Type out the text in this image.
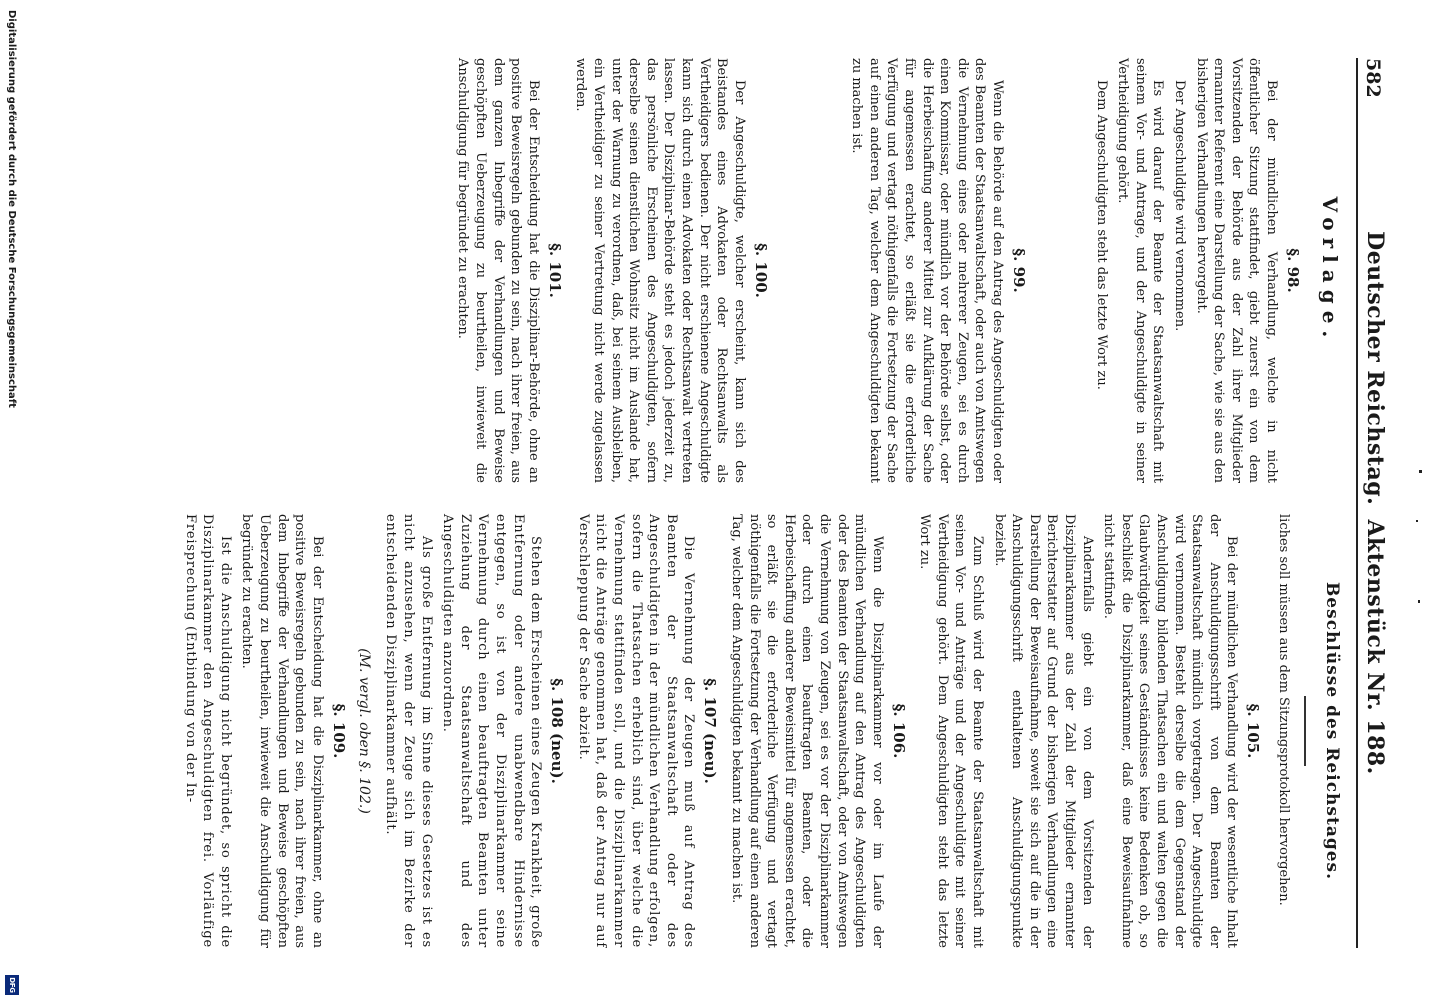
582
Deutscher Reichstag. Aktenstück Nr. 188.
Vorlage.
§. 98.

Bei der mündlichen Verhandlung, welche in nicht öffentlicher Sitzung stattfindet, giebt zuerst ein von dem Vorsitzenden der Behörde aus der Zahl ihrer Mitglieder ernannter Referent eine Darstellung der Sache, wie sie aus den bisherigen Verhandlungen hervorgeht.

Der Angeschuldigte wird vernommen.

Es wird darauf der Beamte der Staatsanwaltschaft mit seinem Vor- und Antrage, und der Angeschuldigte in seiner Vertheidigung gehört.

Dem Angeschuldigten steht das letzte Wort zu.

§. 99.

Wenn die Behörde auf den Antrag des Angeschuldigten oder des Beamten der Staatsanwaltschaft, oder auch von Amtswegen die Vernehmung eines oder mehrerer Zeugen, sei es durch einen Kommissar, oder mündlich vor der Behörde selbst, oder die Herbeischaffung anderer Mittel zur Aufklärung der Sache für angemessen erachtet, so erläßt sie die erforderliche Verfügung und vertagt nöthigenfalls die Fortsetzung der Sache auf einen anderen Tag, welcher dem Angeschuldigten bekannt zu machen ist.

§. 100.

Der Angeschuldigte, welcher erscheint, kann sich des Beistandes eines Advokaten oder Rechtsanwalts als Vertheidigers bedienen. Der nicht erschienene Angeschuldigte kann sich durch einen Advokaten oder Rechtsanwalt vertreten lassen. Der Disziplinar-Behörde steht es jedoch jederzeit zu, das persönliche Erscheinen des Angeschuldigten, sofern derselbe seinen dienstlichen Wohnsitz nicht im Auslande hat, unter der Warnung zu verordnen, daß, bei seinem Ausbleiben, ein Vertheidiger zu seiner Vertretung nicht werde zugelassen werden.

§. 101.

Bei der Entscheidung hat die Disziplinar-Behörde, ohne an positive Beweisregeln gebunden zu sein, nach ihrer freien, aus dem ganzen Inbegriffe der Verhandlungen und Beweise geschöpften Ueberzeugung zu beurtheilen, inwieweit die Anschuldigung für begründet zu erachten.

Beschlüsse des Reichstages.

liches soll müssen aus dem Sitzungsprotokoll hervorgehen.

§. 105.

Bei der mündlichen Verhandlung wird der wesentliche Inhalt der Anschuldigungsschrift von dem Beamten der Staatsanwaltschaft mündlich vorgetragen. Der Angeschuldigte wird vernommen. Besteht derselbe die dem Gegenstand der Anschuldigung bildenden Thatsachen ein und walten gegen die Glaubwürdigkeit seines Geständnisses keine Bedenken ob, so beschließt die Disziplinarkammer, daß eine Beweisaufnahme nicht stattfinde.

Andernfalls giebt ein von dem Vorsitzenden der Disziplinarkammer aus der Zahl der Mitglieder ernannter Berichterstatter auf Grund der bisherigen Verhandlungen eine Darstellung der Beweisaufnahme, soweit sie sich auf die in der Anschuldigungsschrift enthaltenen Anschuldigungspunkte bezieht.

Zum Schluß wird der Beamte der Staatsanwaltschaft mit seinen Vor- und Anträge und der Angeschuldigte mit seiner Vertheidigung gehört. Dem Angeschuldigten steht das letzte Wort zu.

§. 106.

Wenn die Disziplinarkammer vor oder im Laufe der mündlichen Verhandlung auf den Antrag des Angeschuldigten oder des Beamten der Staatsanwaltschaft, oder von Amtswegen die Vernehmung von Zeugen, sei es vor der Disziplinarkammer oder durch einen beauftragten Beamten, oder die Herbeischaffung anderer Beweismittel für angemessen erachtet, so erläßt sie die erforderliche Verfügung und vertagt nöthigenfalls die Fortsetzung der Verhandlung auf einen anderen Tag, welcher dem Angeschuldigten bekannt zu machen ist.

§. 107 (neu).

Die Vernehmung der Zeugen muß auf Antrag des Beamten der Staatsanwaltschaft oder des Angeschuldigten in der mündlichen Verhandlung erfolgen, sofern die Thatsachen erheblich sind, über welche die Vernehmung stattfinden soll, und die Disziplinarkammer nicht die Anträge genommen hat, daß der Antrag nur auf Verschleppung der Sache abzielt.

§. 108 (neu).

Stehen dem Erscheinen eines Zeugen Krankheit, große Entfernung oder andere unabwendbare Hindernisse entgegen, so ist von der Disziplinarkammer seine Vernehmung durch einen beauftragten Beamten unter Zuziehung der Staatsanwaltschaft und des Angeschuldigten anzuordnen.

Als große Entfernung im Sinne dieses Gesetzes ist es nicht anzusehen, wenn der Zeuge sich im Bezirke der entscheidenden Disziplinarkammer aufhält.

(M. vergl. oben §. 102.)
§. 109.

Bei der Entscheidung hat die Disziplinarkammer, ohne an positive Beweisregeln gebunden zu sein, nach ihrer freien, aus dem Inbegriffe der Verhandlungen und Beweise geschöpften Ueberzeugung zu beurtheilen, inwieweit die Anschuldigung für begründet zu erachten.

Ist die Anschuldigung nicht begründet, so spricht die Disziplinarkammer den Angeschuldigten frei. Vorläufige Freisprechung (Entbindung von der In-

Digitalisierung gefördert durch die Deutsche Forschungsgemeinschaft
DFG
